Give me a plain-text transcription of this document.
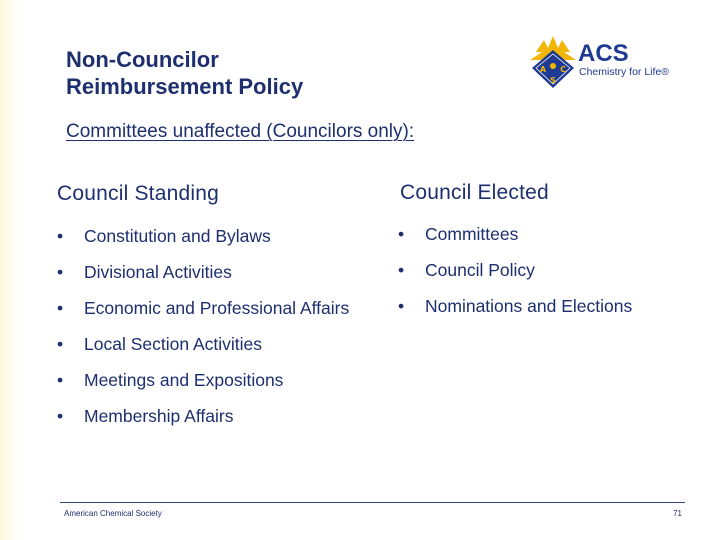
Non-Councilor
Reimbursement Policy
A C
S
ACS
Chemistry for Life®
Committees unaffected (Councilors only):
Council Standing	Council Elected
• Constitution and Bylaws
• Divisional Activities
• Economic and Professional Affairs
• Local Section Activities
• Meetings and Expositions
• Membership Affairs
• Committees
• Council Policy
• Nominations and Elections
American Chemical Society	71
